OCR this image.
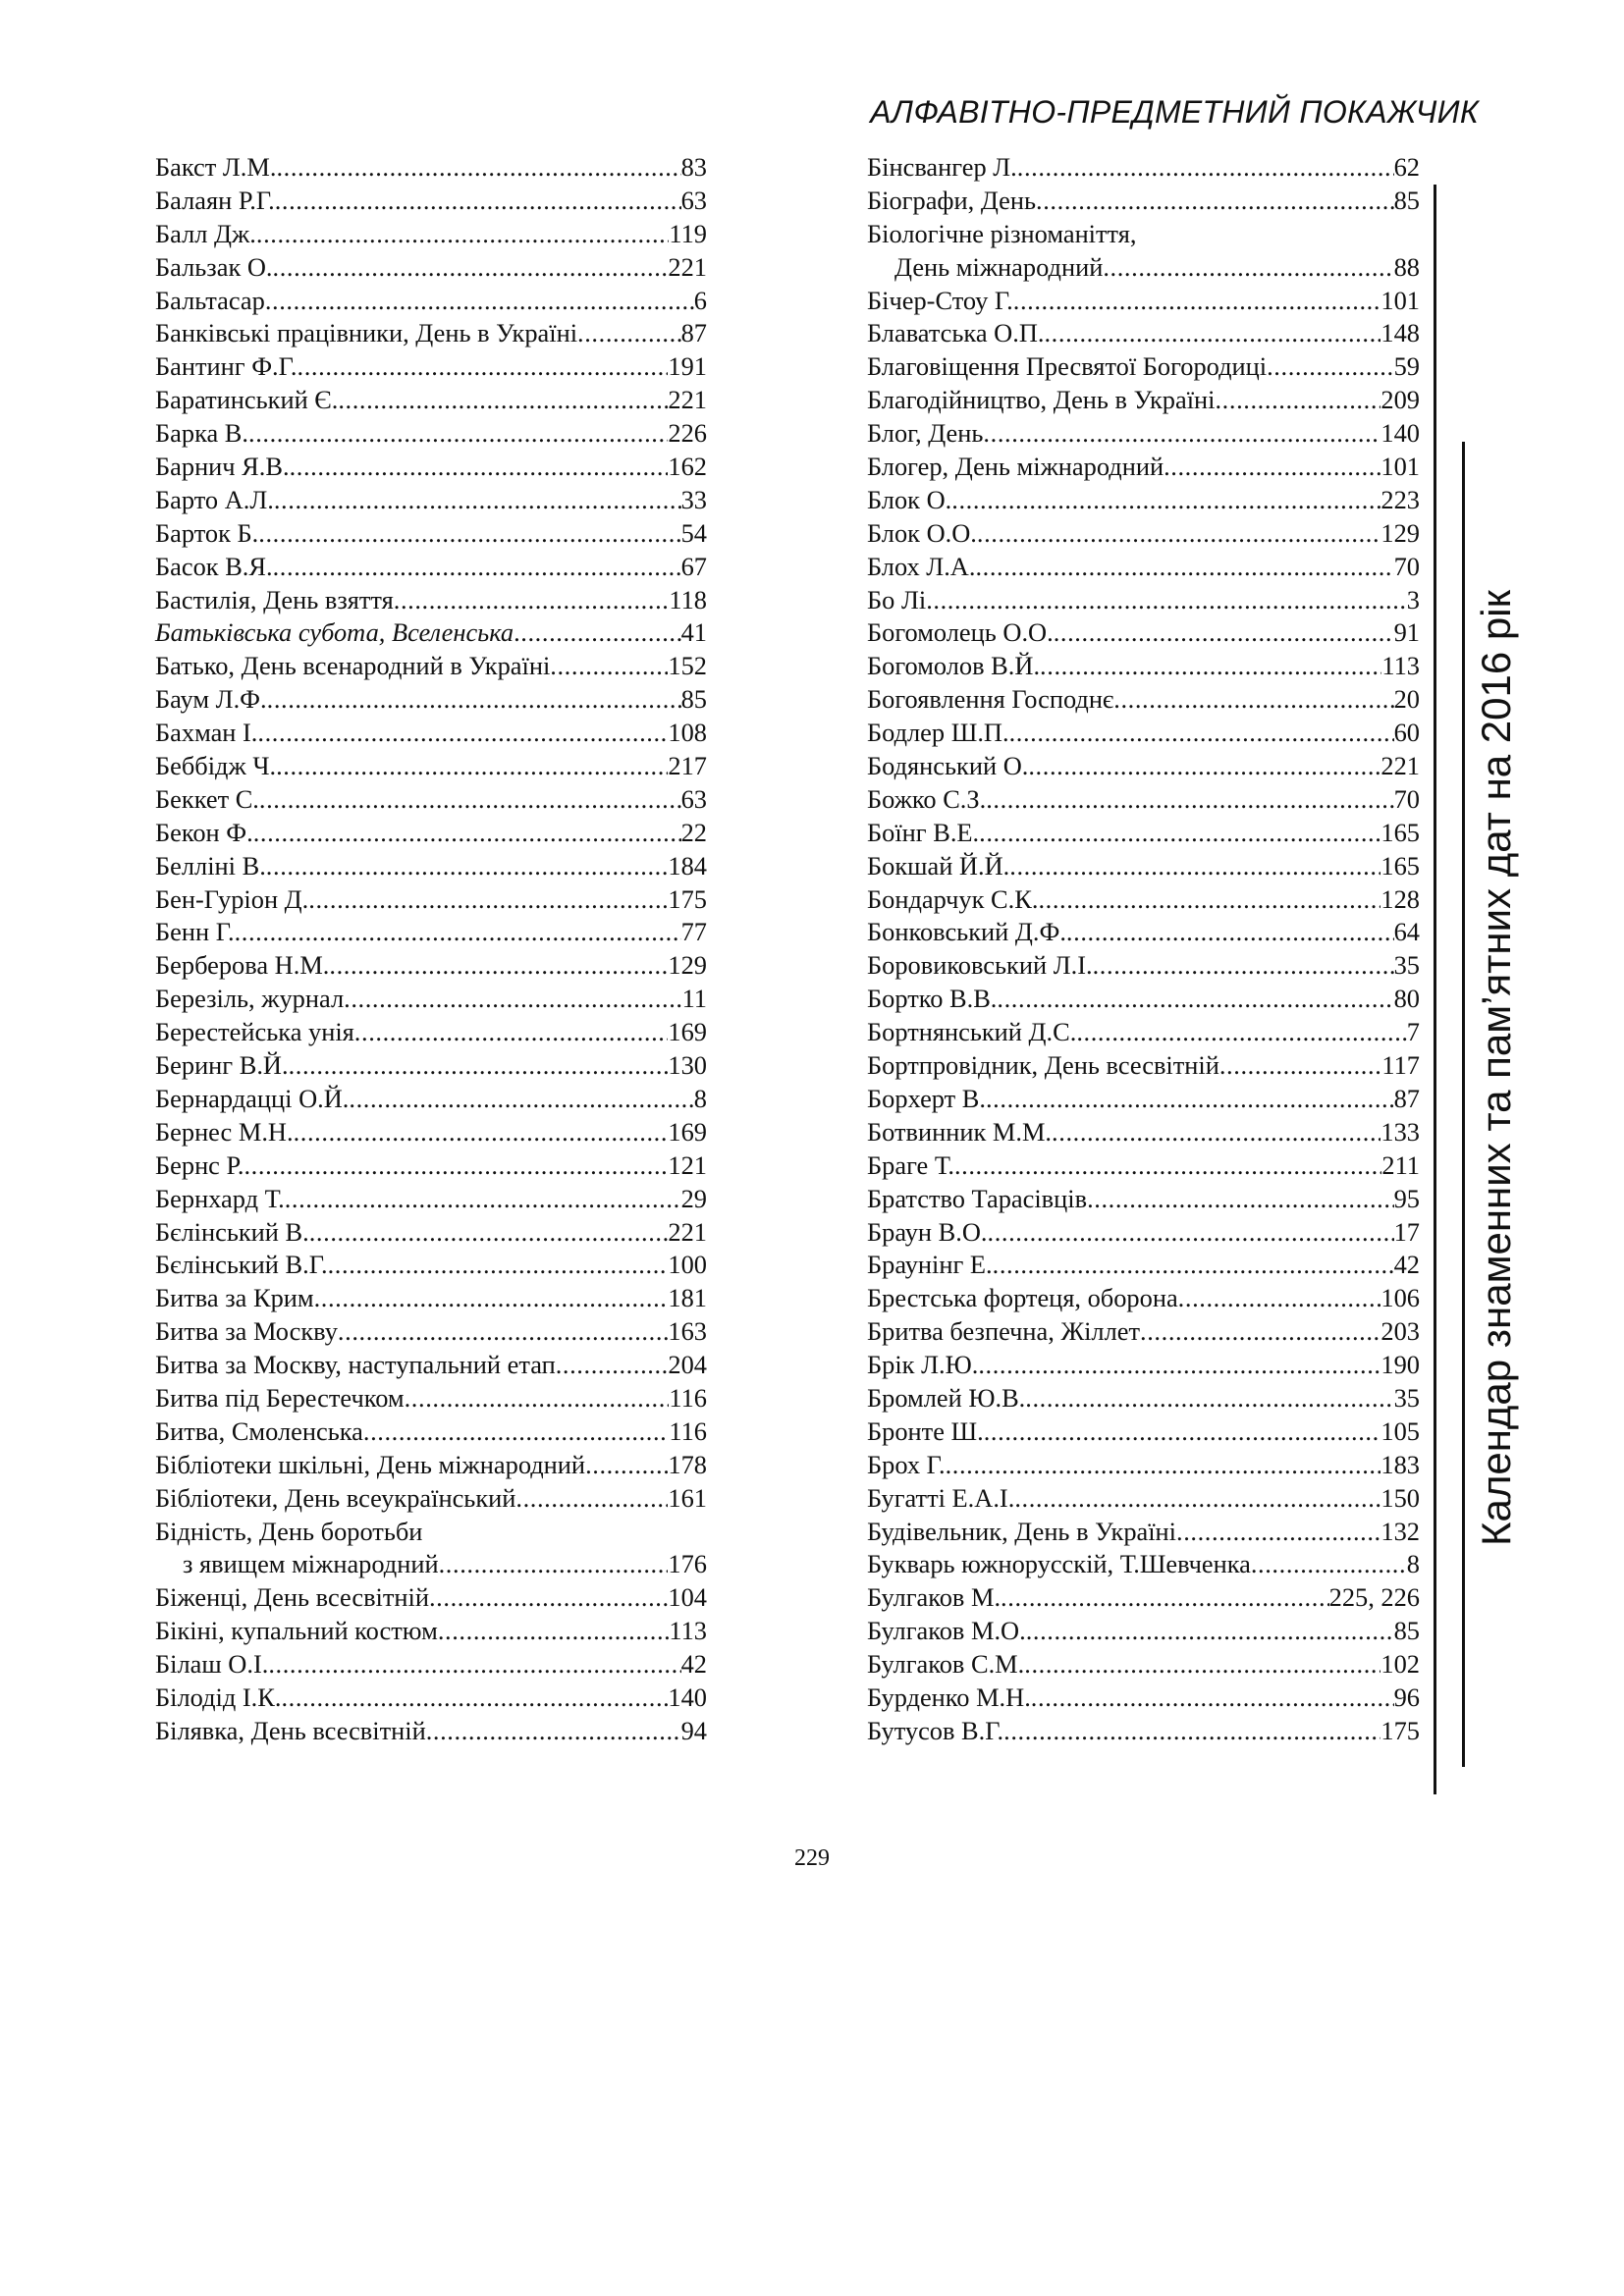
АЛФАВІТНО-ПРЕДМЕТНИЙ ПОКАЖЧИК
Бакст Л.М. .....	83
Балаян Р.Г. .....	63
Балл Дж. .....	119
Бальзак О. .....	221
Бальтасар .....	6
Банківські працівники, День в Україні .....	87
Бантинг Ф.Г. .....	191
Баратинський Є. .....	221
Барка В. .....	226
Барнич Я.В. .....	162
Барто А.Л. .....	33
Барток Б. .....	54
Басок В.Я. .....	67
Бастилія, День взяття .....	118
Батьківська субота, Вселенська .....	41
Батько, День всенародний в Україні .....	152
Баум Л.Ф. .....	85
Бахман І. .....	108
Беббідж Ч. .....	217
Беккет С. .....	63
Бекон Ф. .....	22
Белліні В. .....	184
Бен-Гуріон Д. .....	175
Бенн Г. .....	77
Берберова Н.М. .....	129
Березіль, журнал .....	11
Берестейська унія .....	169
Беринг В.Й. .....	130
Бернардацці О.Й. .....	8
Бернес М.Н. .....	169
Бернс Р. .....	121
Бернхард Т. .....	29
Бєлінський В. .....	221
Бєлінський В.Г. .....	100
Битва за Крим .....	181
Битва за Москву .....	163
Битва за Москву, наступальний етап .....	204
Битва під Берестечком .....	116
Битва, Смоленська .....	116
Бібліотеки шкільні, День міжнародний .....	178
Бібліотеки, День всеукраїнський .....	161
Бідність, День боротьби
з явищем міжнародний .....	176
Біженці, День всесвітній .....	104
Бікіні, купальний костюм .....	113
Білаш О.І. .....	42
Білодід І.К. .....	140
Білявка, День всесвітній .....	94
Бінсвангер Л. .....	62
Біографи, День .....	85
Біологічне різноманіття,
День міжнародний .....	88
Бічер-Стоу Г. .....	101
Блаватська О.П. .....	148
Благовіщення Пресвятої Богородиці .....	59
Благодійництво, День в Україні .....	209
Блог, День .....	140
Блогер, День міжнародний .....	101
Блок О. .....	223
Блок О.О. .....	129
Блох Л.А. .....	70
Бо Лі .....	3
Богомолець О.О. .....	91
Богомолов В.Й. .....	113
Богоявлення Господнє .....	20
Бодлер Ш.П. .....	60
Бодянський О. .....	221
Божко С.З. .....	70
Боїнг В.Е. .....	165
Бокшай Й.Й. .....	165
Бондарчук С.К. .....	128
Бонковський Д.Ф. .....	64
Боровиковський Л.І. .....	35
Бортко В.В. .....	80
Бортнянський Д.С. .....	7
Бортпровідник, День всесвітній .....	117
Борхерт В. .....	87
Ботвинник М.М. .....	133
Браге Т. .....	211
Братство Тарасівців .....	95
Браун В.О. .....	17
Браунінг Е. .....	42
Брестська фортеця, оборона .....	106
Бритва безпечна, Жіллет .....	203
Брік Л.Ю. .....	190
Бромлей Ю.В. .....	35
Бронте Ш. .....	105
Брох Г. .....	183
Бугатті Е.А.І. .....	150
Будівельник, День в Україні .....	132
Букварь южнорусскій, Т.Шевченка .....	8
Булгаков М. .....	225, 226
Булгаков М.О. .....	85
Булгаков С.М. .....	102
Бурденко М.Н. .....	96
Бутусов В.Г. .....	175
Календар знаменних та пам’ятних дат на 2016 рік
229
